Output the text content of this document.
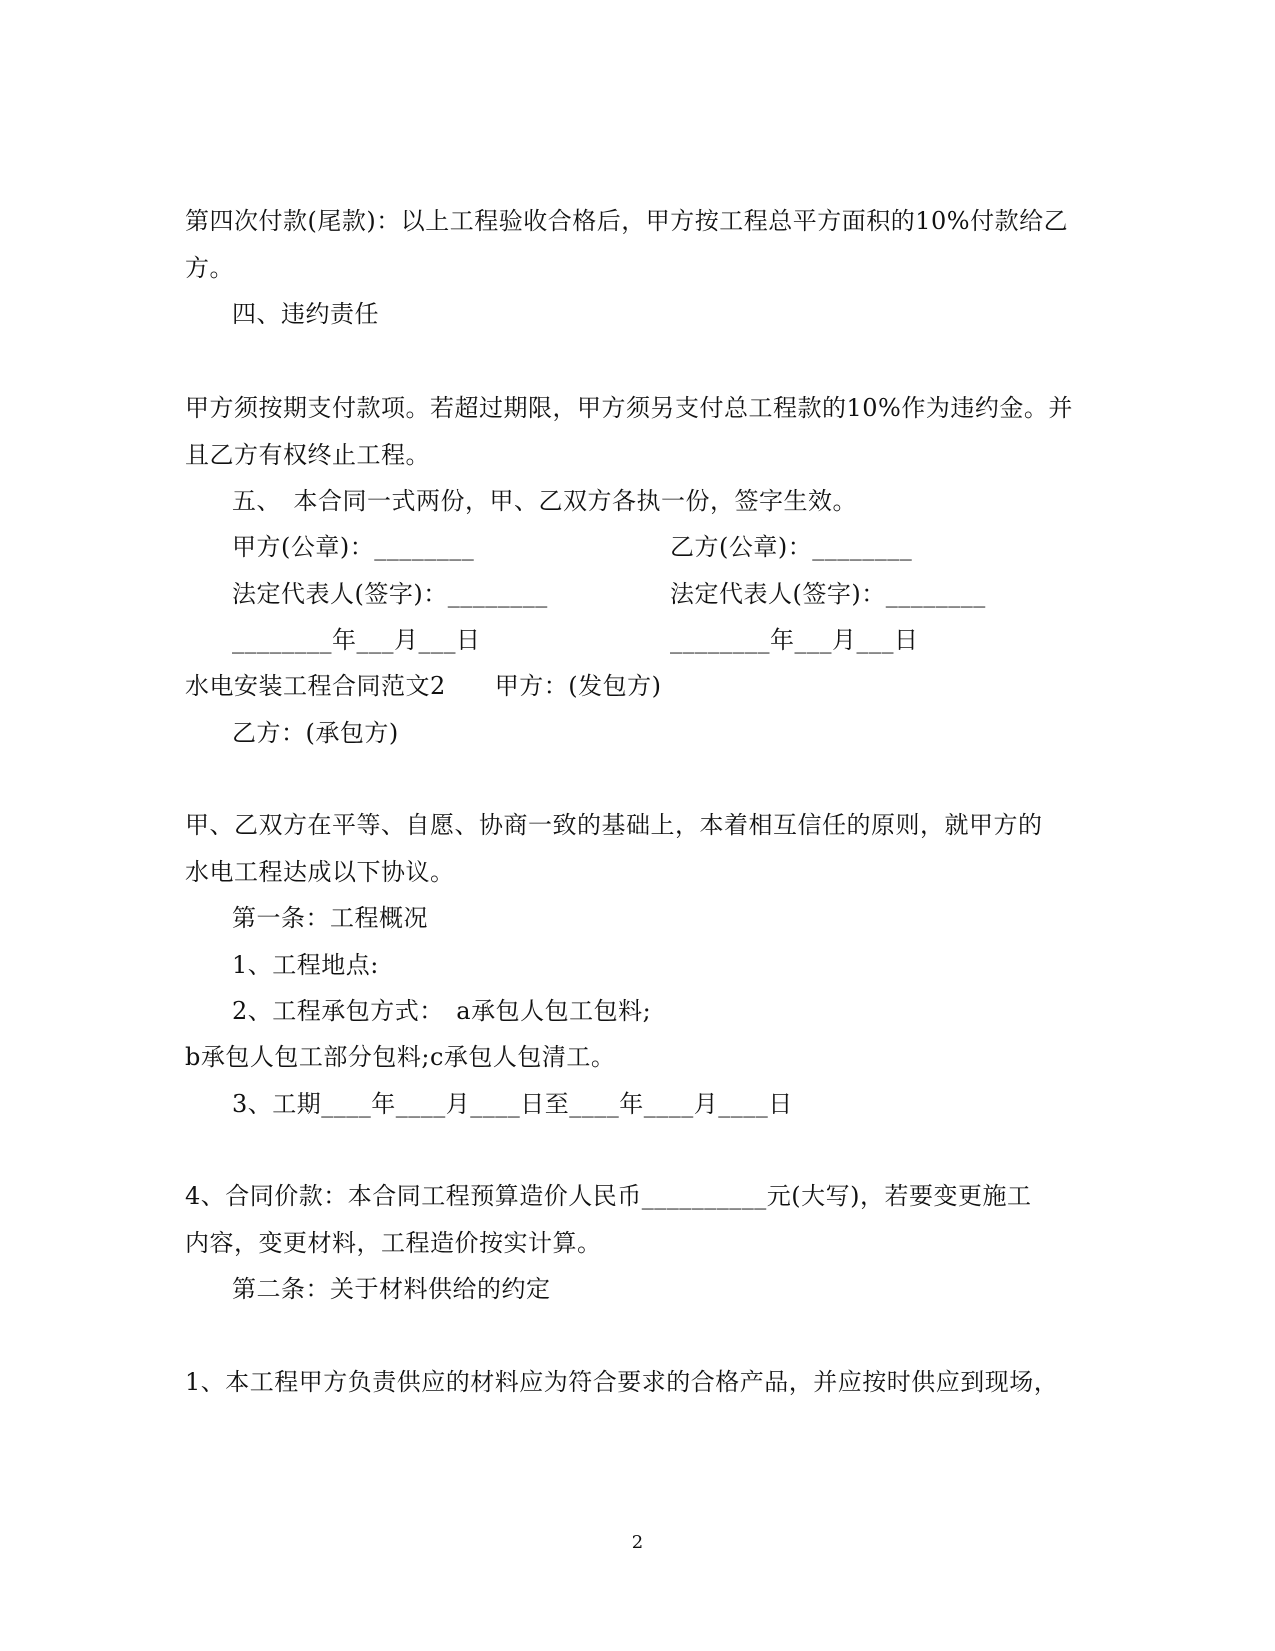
第四次付款(尾款)：以上工程验收合格后，甲方按工程总平方面积的10%付款给乙
方。
四、违约责任
甲方须按期支付款项。若超过期限，甲方须另支付总工程款的10%作为违约金。并
且乙方有权终止工程。
五、　本合同一式两份，甲、乙双方各执一份，签字生效。
甲方(公章)：________	乙方(公章)：________
法定代表人(签字)：________	法定代表人(签字)：________
________年___月___日	________年___月___日
水电安装工程合同范文2　　甲方：(发包方)
乙方：(承包方)
甲、乙双方在平等、自愿、协商一致的基础上，本着相互信任的原则，就甲方的
水电工程达成以下协议。
第一条：工程概况
1、工程地点:
2、工程承包方式：　a承包人包工包料;
b承包人包工部分包料;c承包人包清工。
3、工期____年____月____日至____年____月____日
4、合同价款：本合同工程预算造价人民币__________元(大写)，若要变更施工
内容，变更材料，工程造价按实计算。
第二条：关于材料供给的约定
1、本工程甲方负责供应的材料应为符合要求的合格产品，并应按时供应到现场，
2
